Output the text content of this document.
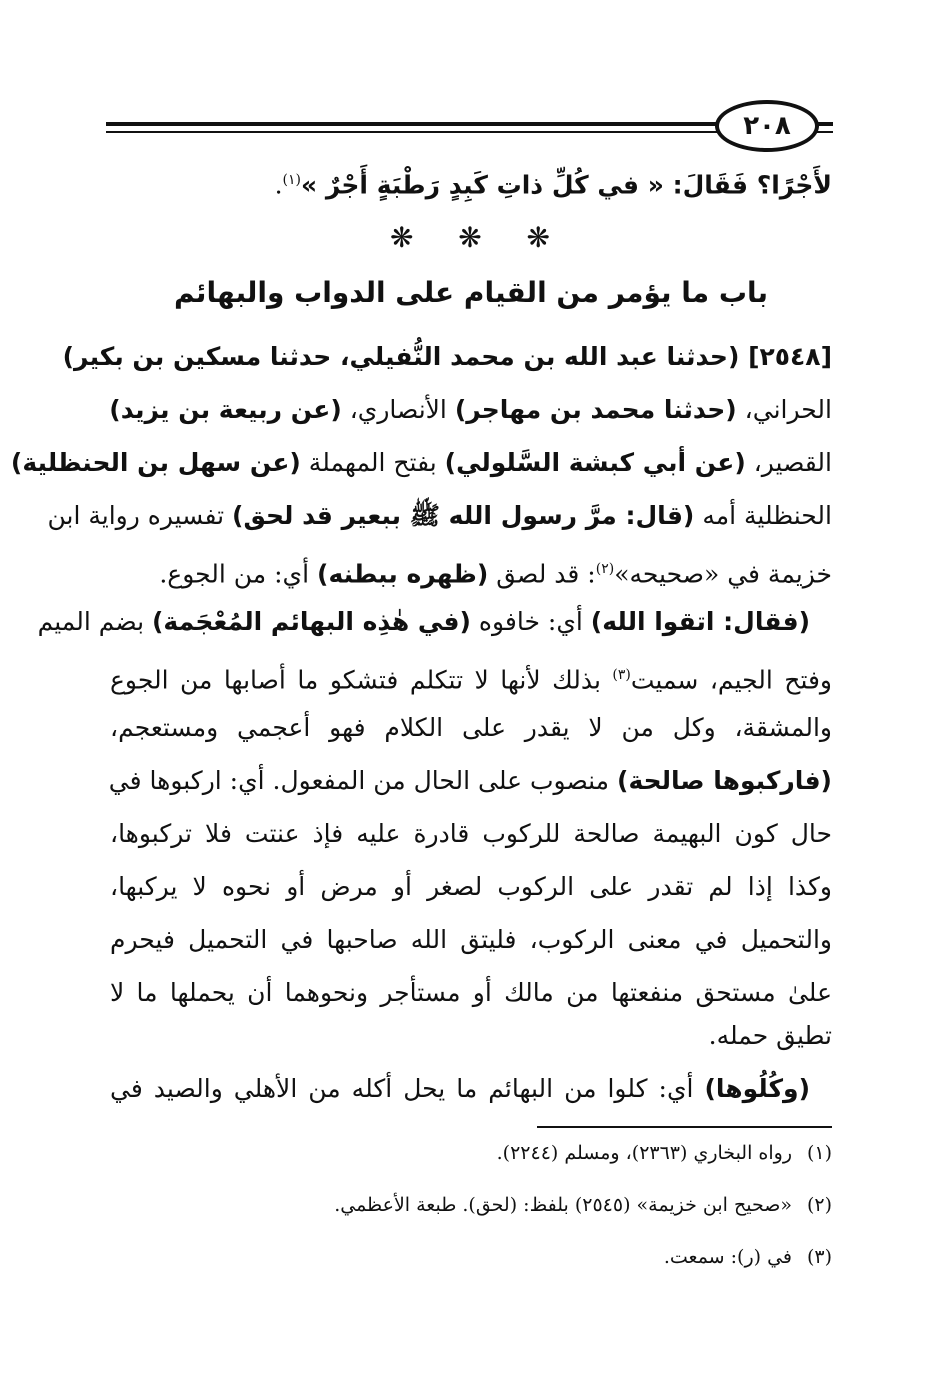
٢٠٨
لأَجْرًا؟ فَقَالَ: « في كُلِّ ذاتِ كَبِدٍ رَطْبَةٍ أَجْرٌ »$^{(١)}$.
❋ ❋ ❋
باب ما يؤمر من القيام على الدواب والبهائم
[٢٥٤٨] (حدثنا عبد الله بن محمد النُّفيلي، حدثنا مسكين بن بكير)
الحراني، (حدثنا محمد بن مهاجر) الأنصاري، (عن ربيعة بن يزيد)
القصير، (عن أبي كبشة السَّلولي) بفتح المهملة (عن سهل بن الحنظلية)
الحنظلية أمه (قال: مرَّ رسول الله ﷺ ببعير قد لحق) تفسيره رواية ابن
خزيمة في «صحيحه»$^{(٢)}$: قد لصق (ظهره ببطنه) أي: من الجوع.
(فقال: اتقوا الله) أي: خافوه (في هٰذِه البهائم المُعْجَمة) بضم الميم
وفتح الجيم، سميت$^{(٣)}$ بذلك لأنها لا تتكلم فتشكو ما أصابها من الجوع
والمشقة، وكل من لا يقدر على الكلام فهو أعجمي ومستعجم،
(فاركبوها صالحة) منصوب على الحال من المفعول. أي: اركبوها في
حال كون البهيمة صالحة للركوب قادرة عليه فإذ عنتت فلا تركبوها،
وكذا إذا لم تقدر على الركوب لصغر أو مرض أو نحوه لا يركبها،
والتحميل في معنى الركوب، فليتق الله صاحبها في التحميل فيحرم
علىٰ مستحق منفعتها من مالك أو مستأجر ونحوهما أن يحملها ما لا
تطيق حمله.
(وكُلُوها) أي: كلوا من البهائم ما يحل أكله من الأهلي والصيد في
(١)رواه البخاري (٢٣٦٣)، ومسلم (٢٢٤٤).
(٢)«صحيح ابن خزيمة» (٢٥٤٥) بلفظ: (لحق). طبعة الأعظمي.
(٣)في (ر): سمعت.
